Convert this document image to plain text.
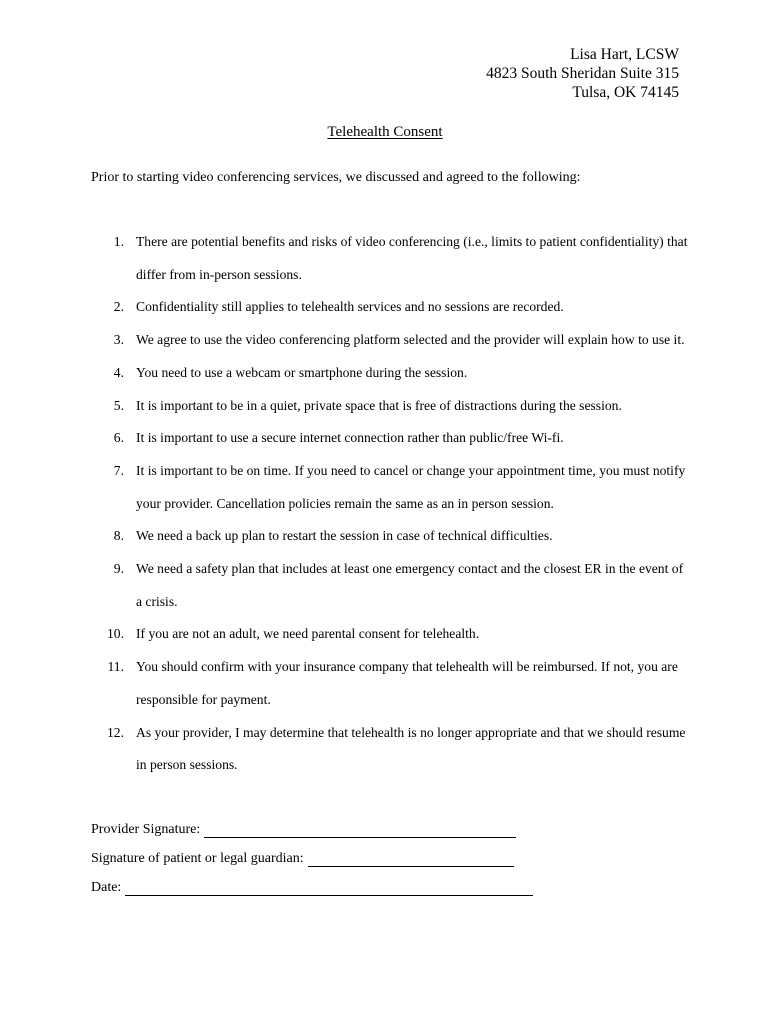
Lisa Hart, LCSW
4823 South Sheridan Suite 315
Tulsa, OK 74145
Telehealth Consent
Prior to starting video conferencing services, we discussed and agreed to the following:
1. There are potential benefits and risks of video conferencing (i.e., limits to patient confidentiality) that differ from in-person sessions.
2. Confidentiality still applies to telehealth services and no sessions are recorded.
3. We agree to use the video conferencing platform selected and the provider will explain how to use it.
4. You need to use a webcam or smartphone during the session.
5. It is important to be in a quiet, private space that is free of distractions during the session.
6. It is important to use a secure internet connection rather than public/free Wi-fi.
7. It is important to be on time. If you need to cancel or change your appointment time, you must notify your provider. Cancellation policies remain the same as an in person session.
8. We need a back up plan to restart the session in case of technical difficulties.
9. We need a safety plan that includes at least one emergency contact and the closest ER in the event of a crisis.
10. If you are not an adult, we need parental consent for telehealth.
11. You should confirm with your insurance company that telehealth will be reimbursed. If not, you are responsible for payment.
12. As your provider, I may determine that telehealth is no longer appropriate and that we should resume in person sessions.
Provider Signature:
Signature of patient or legal guardian:
Date:
